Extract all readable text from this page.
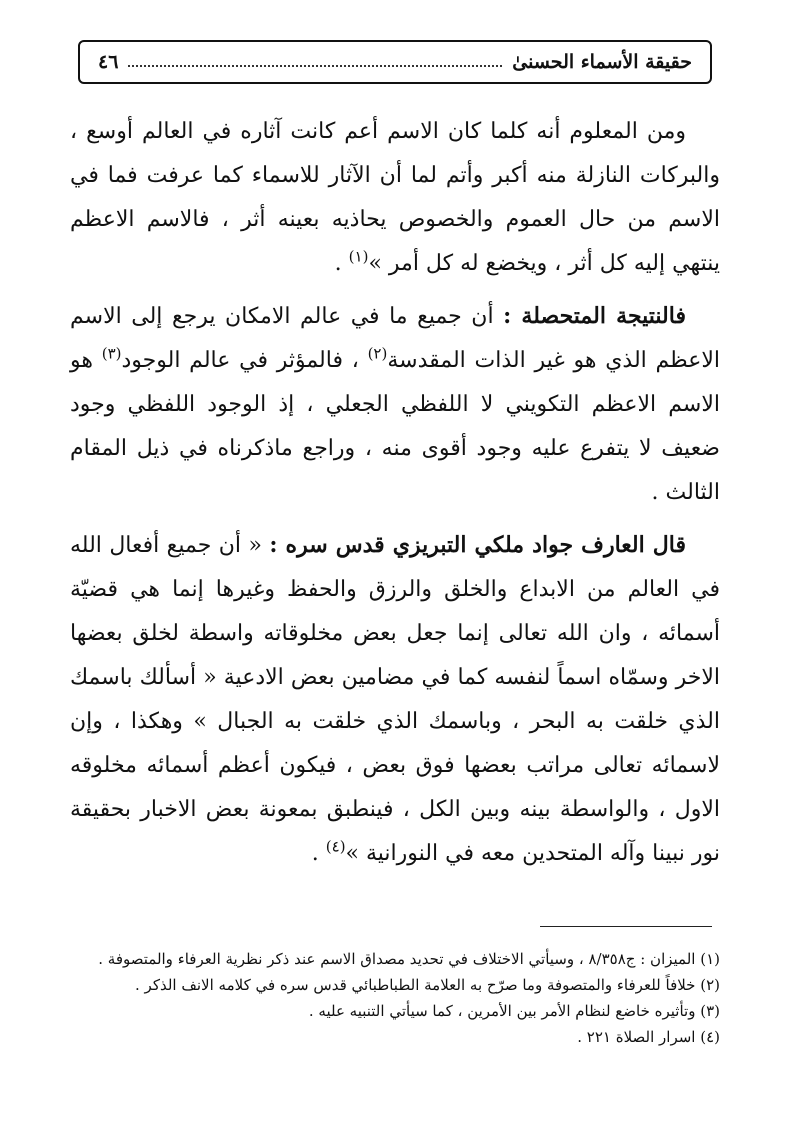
حقيقة الأسماء الحسنىٰ
٤٦

ومن المعلوم أنه كلما كان الاسم أعم كانت آثاره في العالم أوسع ، والبركات النازلة منه أكبر وأتم لما أن الآثار للاسماء كما عرفت فما في الاسم من حال العموم والخصوص يحاذيه بعينه أثر ، فالاسم الاعظم ينتهي إليه كل أثر ، ويخضع له كل أمر »$^{(١)}$ .

فالنتيجة المتحصلة : أن جميع ما في عالم الامكان يرجع إلى الاسم الاعظم الذي هو غير الذات المقدسة$^{(٢)}$ ، فالمؤثر في عالم الوجود$^{(٣)}$ هو الاسم الاعظم التكويني لا اللفظي الجعلي ، إذ الوجود اللفظي وجود ضعيف لا يتفرع عليه وجود أقوى منه ، وراجع ماذكرناه في ذيل المقام الثالث .

قال العارف جواد ملكي التبريزي قدس سره : « أن جميع أفعال الله في العالم من الابداع والخلق والرزق والحفظ وغيرها إنما هي قضيّة أسمائه ، وان الله تعالى إنما جعل بعض مخلوقاته واسطة لخلق بعضها الاخر وسمّاه اسماً لنفسه كما في مضامين بعض الادعية « أسألك باسمك الذي خلقت به البحر ، وباسمك الذي خلقت به الجبال » وهكذا ، وإن لاسمائه تعالى مراتب بعضها فوق بعض ، فيكون أعظم أسمائه مخلوقه الاول ، والواسطة بينه وبين الكل ، فينطبق بمعونة بعض الاخبار بحقيقة نور نبينا وآله المتحدين معه في النورانية »$^{(٤)}$ .

(١) الميزان : ج٨/٣٥٨ ، وسيأتي الاختلاف في تحديد مصداق الاسم عند ذكر نظرية العرفاء والمتصوفة .

(٢) خلافاً للعرفاء والمتصوفة وما صرّح به العلامة الطباطبائي قدس سره في كلامه الانف الذكر .

(٣) وتأثيره خاضع لنظام الأمر بين الأمرين ، كما سيأتي التنبيه عليه .

(٤) اسرار الصلاة ٢٢١ .
